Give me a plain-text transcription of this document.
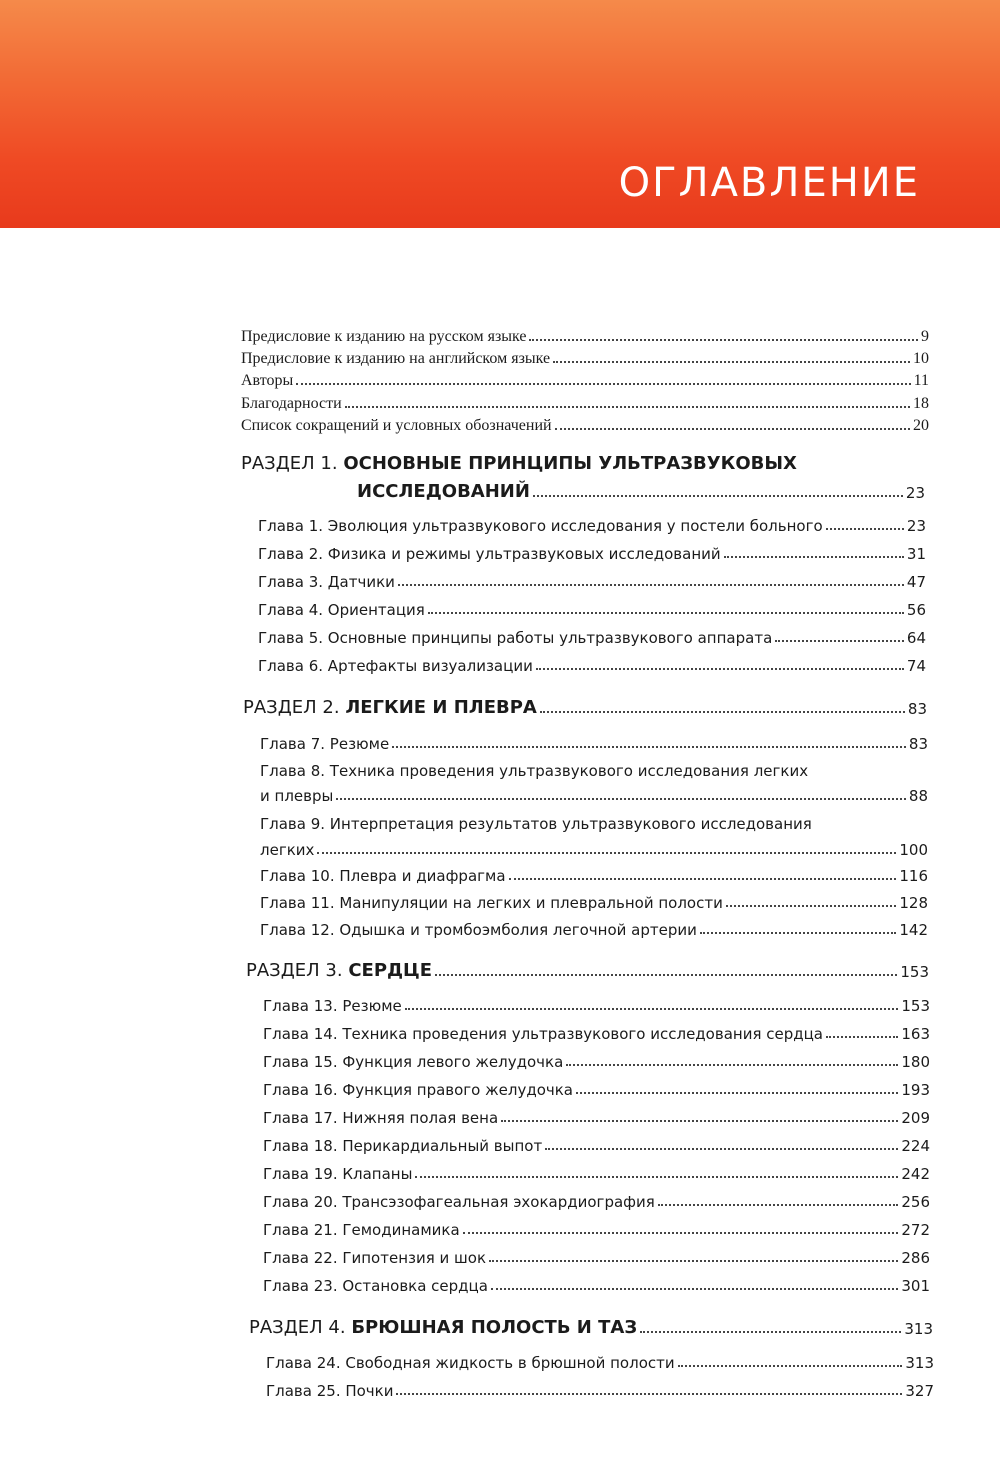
ОГЛАВЛЕНИЕ
Предисловие к изданию на русском языке	9
Предисловие к изданию на английском языке	10
Авторы	11
Благодарности	18
Список сокращений и условных обозначений	20
РАЗДЕЛ 1. ОСНОВНЫЕ ПРИНЦИПЫ УЛЬТРАЗВУКОВЫХ
ИССЛЕДОВАНИЙ	23
Глава 1. Эволюция ультразвукового исследования у постели больного	23
Глава 2. Физика и режимы ультразвуковых исследований	31
Глава 3. Датчики	47
Глава 4. Ориентация	56
Глава 5. Основные принципы работы ультразвукового аппарата	64
Глава 6. Артефакты визуализации	74
РАЗДЕЛ 2. ЛЕГКИЕ И ПЛЕВРА	83
Глава 7. Резюме	83
Глава 8. Техника проведения ультразвукового исследования легких
и плевры	88
Глава 9. Интерпретация результатов ультразвукового исследования
легких	100
Глава 10. Плевра и диафрагма	116
Глава 11. Манипуляции на легких и плевральной полости	128
Глава 12. Одышка и тромбоэмболия легочной артерии	142
РАЗДЕЛ 3. СЕРДЦЕ	153
Глава 13. Резюме	153
Глава 14. Техника проведения ультразвукового исследования сердца	163
Глава 15. Функция левого желудочка	180
Глава 16. Функция правого желудочка	193
Глава 17. Нижняя полая вена	209
Глава 18. Перикардиальный выпот	224
Глава 19. Клапаны	242
Глава 20. Трансэзофагеальная эхокардиография	256
Глава 21. Гемодинамика	272
Глава 22. Гипотензия и шок	286
Глава 23. Остановка сердца	301
РАЗДЕЛ 4. БРЮШНАЯ ПОЛОСТЬ И ТАЗ	313
Глава 24. Свободная жидкость в брюшной полости	313
Глава 25. Почки	327
